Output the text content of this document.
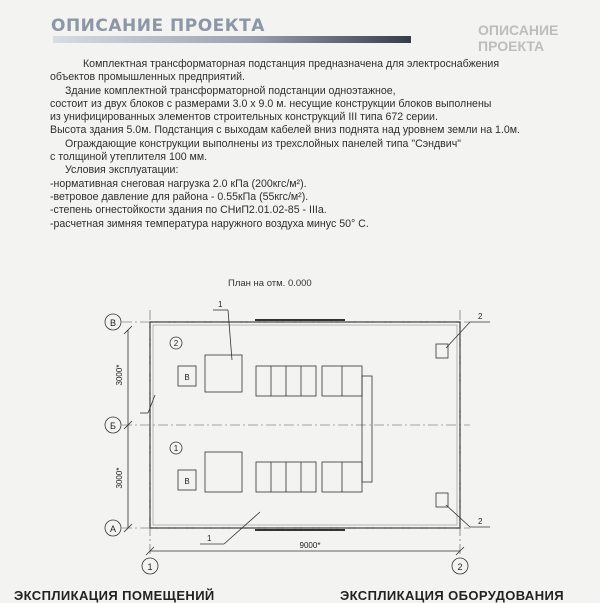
ОПИСАНИЕ ПРОЕКТА
ОПИСАНИЕ ПРОЕКТА
Комплектная трансформаторная подстанция предназначена для электроснабжения
объектов промышленных предприятий.
Здание комплектной трансформаторной подстанции одноэтажное,
состоит из двух блоков с размерами 3.0 х 9.0 м. несущие конструкции блоков выполнены
из унифицированных элементов строительных конструкций III типа 672 серии.
Высота здания 5.0м. Подстанция с выходам кабелей вниз поднята над уровнем земли на 1.0м.
Ограждающие конструкции выполнены из трехслойных панелей типа "Сэндвич"
с толщиной утеплителя 100 мм.
Условия эксплуатации:
-нормативная снеговая нагрузка 2.0 кПа (200кгс/м²).
-ветровое давление для района - 0.55кПа (55кгс/м²).
-степень огнестойкости здания по СНиП2.01.02-85 - IIIа.
-расчетная зимняя температура наружного воздуха минус 50° С.
План на отм. 0.000
В
Б
А
1	2
3000*
3000*
9000*
2
В
1
В
1
1
2
2
ЭКСПЛИКАЦИЯ ПОМЕЩЕНИЙ	ЭКСПЛИКАЦИЯ ОБОРУДОВАНИЯ
